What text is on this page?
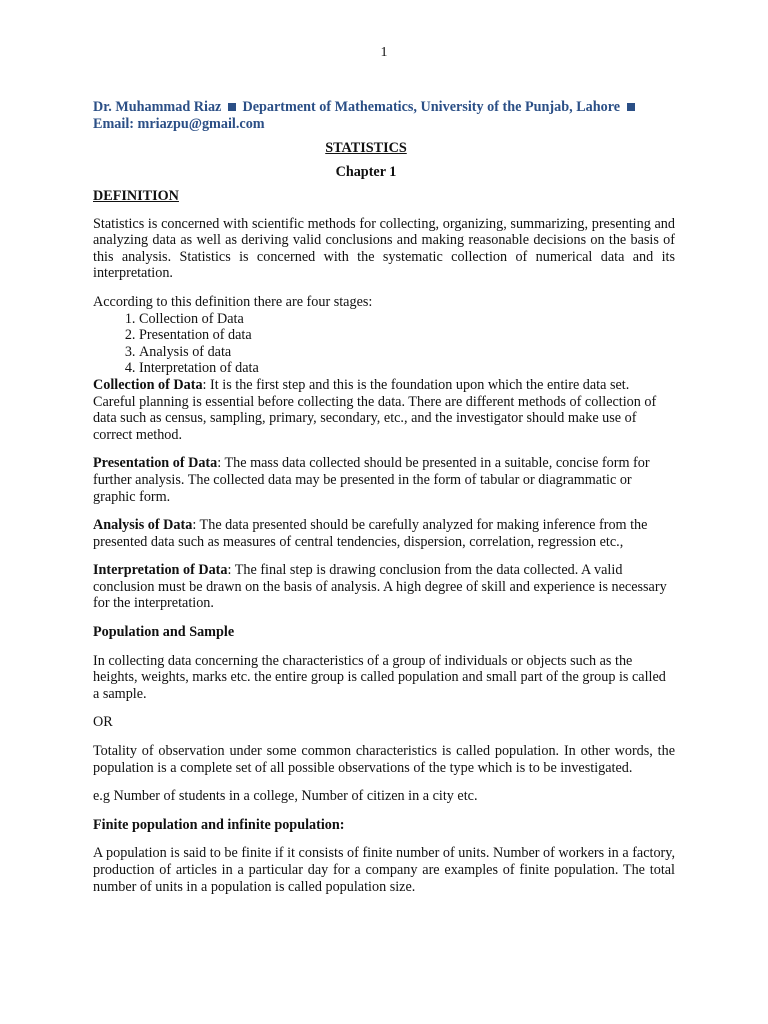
1
Dr. Muhammad Riaz Department of Mathematics, University of the Punjab, Lahore
Email: mriazpu@gmail.com
STATISTICS
Chapter 1

DEFINITION

Statistics is concerned with scientific methods for collecting, organizing, summarizing, presenting and analyzing data as well as deriving valid conclusions and making reasonable decisions on the basis of this analysis. Statistics is concerned with the systematic collection of numerical data and its interpretation.

According to this definition there are four stages:

1. Collection of Data
2. Presentation of data
3. Analysis of data
4. Interpretation of data

Collection of Data: It is the first step and this is the foundation upon which the entire data set. Careful planning is essential before collecting the data. There are different methods of collection of data such as census, sampling, primary, secondary, etc., and the investigator should make use of correct method.

Presentation of Data: The mass data collected should be presented in a suitable, concise form for further analysis. The collected data may be presented in the form of tabular or diagrammatic or graphic form.

Analysis of Data: The data presented should be carefully analyzed for making inference from the presented data such as measures of central tendencies, dispersion, correlation, regression etc.,

Interpretation of Data: The final step is drawing conclusion from the data collected. A valid conclusion must be drawn on the basis of analysis. A high degree of skill and experience is necessary for the interpretation.

Population and Sample

In collecting data concerning the characteristics of a group of individuals or objects such as the heights, weights, marks etc. the entire group is called population and small part of the group is called a sample.

OR

Totality of observation under some common characteristics is called population. In other words, the population is a complete set of all possible observations of the type which is to be investigated.

e.g Number of students in a college, Number of citizen in a city etc.

Finite population and infinite population:

A population is said to be finite if it consists of finite number of units. Number of workers in a factory, production of articles in a particular day for a company are examples of finite population. The total number of units in a population is called population size.
